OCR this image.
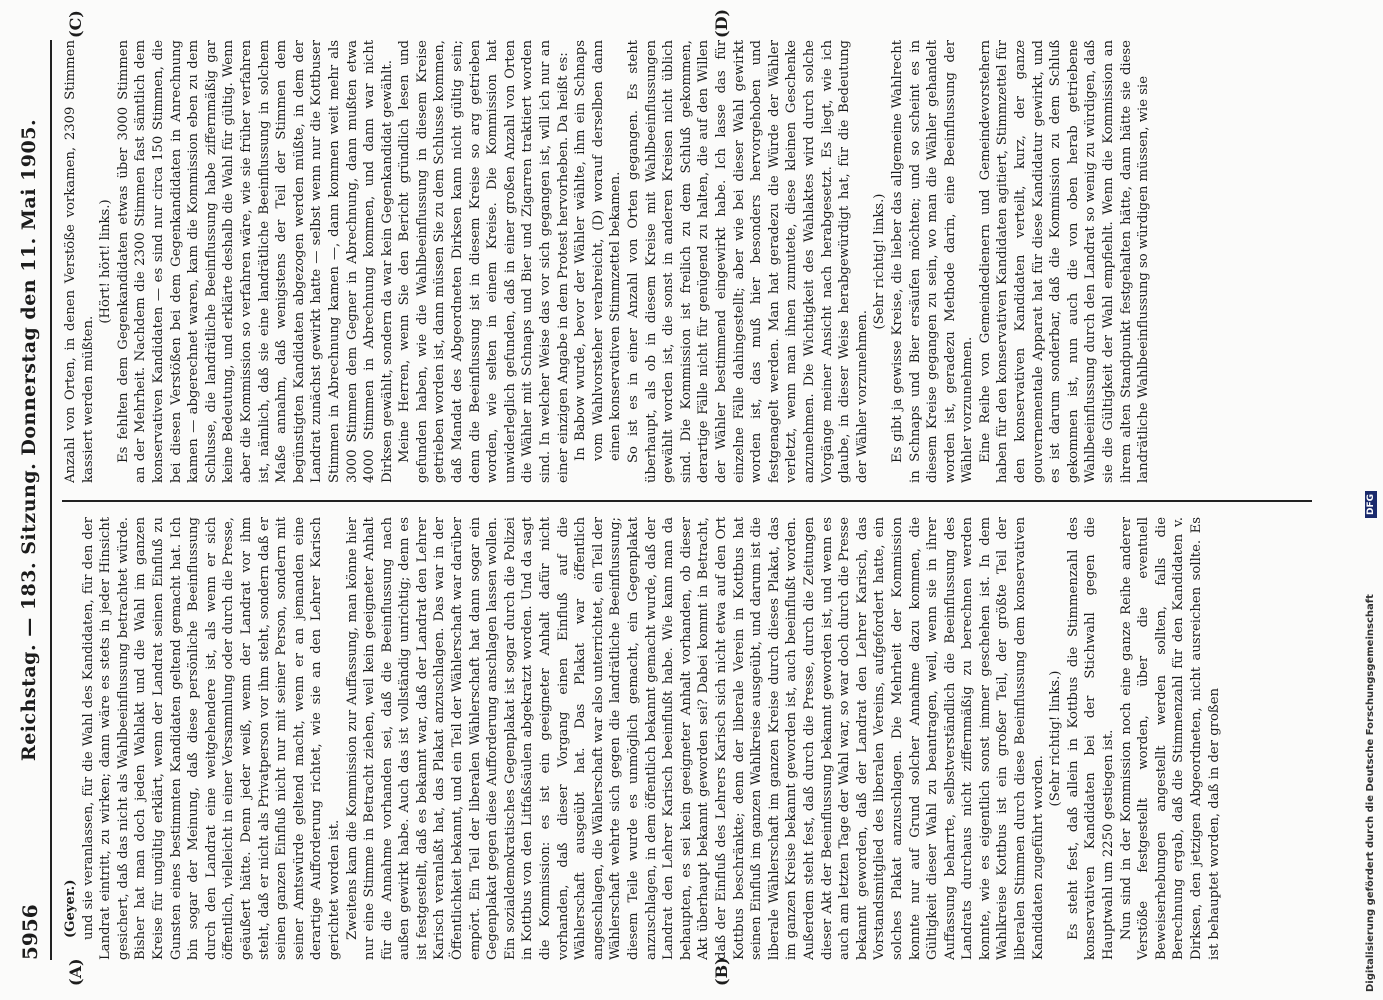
5956
Reichstag. — 183. Sitzung. Donnerstag den 11. Mai 1905.
(A)	(B)
(C)	(D)

(Geyer.) und sie veranlassen, für die Wahl des Kandidaten, für den der Landrat eintritt, zu wirken; dann wäre es stets in jeder Hinsicht gesichert, daß das nicht als Wahlbeeinflussung betrachtet würde. Bisher hat man doch jeden Wahlakt und die Wahl im ganzen Kreise für ungültig erklärt, wenn der Landrat seinen Einfluß zu Gunsten eines bestimmten Kandidaten geltend gemacht hat. Ich bin sogar der Meinung, daß diese persönliche Beeinflussung durch den Landrat eine weitgehendere ist, als wenn er sich öffentlich, vielleicht in einer Versammlung oder durch die Presse, geäußert hätte. Denn jeder weiß, wenn der Landrat vor ihm steht, daß er nicht als Privatperson vor ihm steht, sondern daß er seinen ganzen Einfluß nicht nur mit seiner Person, sondern mit seiner Amtswürde geltend macht, wenn er an jemanden eine derartige Aufforderung richtet, wie sie an den Lehrer Karisch gerichtet worden ist. Zweitens kam die Kommission zur Auffassung, man könne hier nur eine Stimme in Betracht ziehen, weil kein geeigneter Anhalt für die Annahme vorhanden sei, daß die Beeinflussung nach außen gewirkt habe. Auch das ist vollständig unrichtig; denn es ist festgestellt, daß es bekannt war, daß der Landrat den Lehrer Karisch veranlaßt hat, das Plakat anzuschlagen. Das war in der Öffentlichkeit bekannt, und ein Teil der Wählerschaft war darüber empört. Ein Teil der liberalen Wählerschaft hat dann sogar ein Gegenplakat gegen diese Aufforderung anschlagen lassen wollen. Ein sozialdemokratisches Gegenplakat ist sogar durch die Polizei in Kottbus von den Litfaßsäulen abgekratzt worden. Und da sagt die Kommission: es ist ein geeigneter Anhalt dafür nicht vorhanden, daß dieser Vorgang einen Einfluß auf die Wählerschaft ausgeübt hat. Das Plakat war öffentlich angeschlagen, die Wählerschaft war also unterrichtet, ein Teil der Wählerschaft wehrte sich gegen die landrätliche Beeinflussung; diesem Teile wurde es unmöglich gemacht, ein Gegenplakat anzuschlagen, in dem öffentlich bekannt gemacht wurde, daß der Landrat den Lehrer Karisch beeinflußt habe. Wie kann man da behaupten, es sei kein geeigneter Anhalt vorhanden, ob dieser Akt überhaupt bekannt geworden sei? Dabei kommt in Betracht, daß der Einfluß des Lehrers Karisch sich nicht etwa auf den Ort Kottbus beschränkte; denn der liberale Verein in Kottbus hat seinen Einfluß im ganzen Wahlkreise ausgeübt, und darum ist die liberale Wählerschaft im ganzen Kreise durch dieses Plakat, das im ganzen Kreise bekannt geworden ist, auch beeinflußt worden. Außerdem steht fest, daß durch die Presse, durch die Zeitungen dieser Akt der Beeinflussung bekannt geworden ist, und wenn es auch am letzten Tage der Wahl war, so war doch durch die Presse bekannt geworden, daß der Landrat den Lehrer Karisch, das Vorstandsmitglied des liberalen Vereins, aufgefordert hatte, ein solches Plakat anzuschlagen. Die Mehrheit der Kommission konnte nur auf Grund solcher Annahme dazu kommen, die Gültigkeit dieser Wahl zu beantragen, weil, wenn sie in ihrer Auffassung beharrte, selbstverständlich die Beeinflussung des Landrats durchaus nicht ziffernmäßig zu berechnen werden konnte, wie es eigentlich sonst immer geschehen ist. In dem Wahlkreise Kottbus ist ein großer Teil, der größte Teil der liberalen Stimmen durch diese Beeinflussung dem konservativen Kandidaten zugeführt worden.

(Sehr richtig! links.) Es steht fest, daß allein in Kottbus die Stimmenzahl des konservativen Kandidaten bei der Stichwahl gegen die Hauptwahl um 2250 gestiegen ist. Nun sind in der Kommission noch eine ganze Reihe anderer Verstöße festgestellt worden, über die eventuell Beweiserhebungen angestellt werden sollten, falls die Berechnung ergab, daß die Stimmenzahl für den Kandidaten v. Dirksen, den jetzigen Abgeordneten, nicht ausreichen sollte. Es ist behauptet worden, daß in der großen

Anzahl von Orten, in denen Verstöße vorkamen, 2309 Stimmen kassiert werden müßten.

(Hört! hört! links.) Es fehlten dem Gegenkandidaten etwas über 3000 Stimmen an der Mehrheit. Nachdem die 2300 Stimmen fast sämtlich dem konservativen Kandidaten — es sind nur circa 150 Stimmen, die bei diesen Verstößen bei dem Gegenkandidaten in Anrechnung kamen — abgerechnet waren, kam die Kommission eben zu dem Schlusse, die landrätliche Beeinflussung habe ziffernmäßig gar keine Bedeutung, und erklärte deshalb die Wahl für gültig. Wenn aber die Kommission so verfahren wäre, wie sie früher verfahren ist, nämlich, daß sie eine landrätliche Beeinflussung in solchem Maße annahm, daß wenigstens der Teil der Stimmen dem begünstigten Kandidaten abgezogen werden müßte, in dem der Landrat zunächst gewirkt hatte — selbst wenn nur die Kottbuser Stimmen in Abrechnung kamen —, dann kommen weit mehr als 3000 Stimmen dem Gegner in Abrechnung, dann mußten etwa 4000 Stimmen in Abrechnung kommen, und dann war nicht Dirksen gewählt, sondern da war kein Gegenkandidat gewählt. Meine Herren, wenn Sie den Bericht gründlich lesen und gefunden haben, wie die Wahlbeeinflussung in diesem Kreise getrieben worden ist, dann müssen Sie zu dem Schlusse kommen, daß Mandat des Abgeordneten Dirksen kann nicht gültig sein; denn die Beeinflussung ist in diesem Kreise so arg getrieben worden, wie selten in einem Kreise. Die Kommission hat unwiderleglich gefunden, daß in einer großen Anzahl von Orten die Wähler mit Schnaps und Bier und Zigarren traktiert worden sind. In welcher Weise das vor sich gegangen ist, will ich nur an einer einzigen Angabe in dem Protest hervorheben. Da heißt es: In Babow wurde, bevor der Wähler wählte, ihm ein Schnaps vom Wahlvorsteher verabreicht, (D) worauf derselben dann einen konservativen Stimmzettel bekamen. So ist es in einer Anzahl von Orten gegangen. Es steht überhaupt, als ob in diesem Kreise mit Wahlbeeinflussungen gewählt worden ist, die sonst in anderen Kreisen nicht üblich sind. Die Kommission ist freilich zu dem Schluß gekommen, derartige Fälle nicht für genügend zu halten, die auf den Willen der Wähler bestimmend eingewirkt habe. Ich lasse das für einzelne Fälle dahingestellt; aber wie bei dieser Wahl gewirkt worden ist, das muß hier besonders hervorgehoben und festgenagelt werden. Man hat geradezu die Würde der Wähler verletzt, wenn man ihnen zumutete, diese kleinen Geschenke anzunehmen. Die Wichtigkeit des Wahlaktes wird durch solche Vorgänge meiner Ansicht nach herabgesetzt. Es liegt, wie ich glaube, in dieser Weise herabgewürdigt hat, für die Bedeutung der Wähler vorzunehmen.

(Sehr richtig! links.) Es gibt ja gewisse Kreise, die lieber das allgemeine Wahlrecht in Schnaps und Bier ersäufen möchten; und so scheint es in diesem Kreise gegangen zu sein, wo man die Wähler gehandelt worden ist, geradezu Methode darin, eine Beeinflussung der Wähler vorzunehmen. Eine Reihe von Gemeindedienern und Gemeindevorstehern haben für den konservativen Kandidaten agitiert, Stimmzettel für den konservativen Kandidaten verteilt, kurz, der ganze gouvernementale Apparat hat für diese Kandidatur gewirkt, und es ist darum sonderbar, daß die Kommission zu dem Schluß gekommen ist, nun auch die von oben herab getriebene Wahlbeeinflussung durch den Landrat so wenig zu würdigen, daß sie die Gültigkeit der Wahl empfiehlt. Wenn die Kommission an ihrem alten Standpunkt festgehalten hätte, dann hätte sie diese landrätliche Wahlbeeinflussung so würdigen müssen, wie sie

Digitalisierung gefördert durch die Deutsche Forschungsgemeinschaft
DFG
